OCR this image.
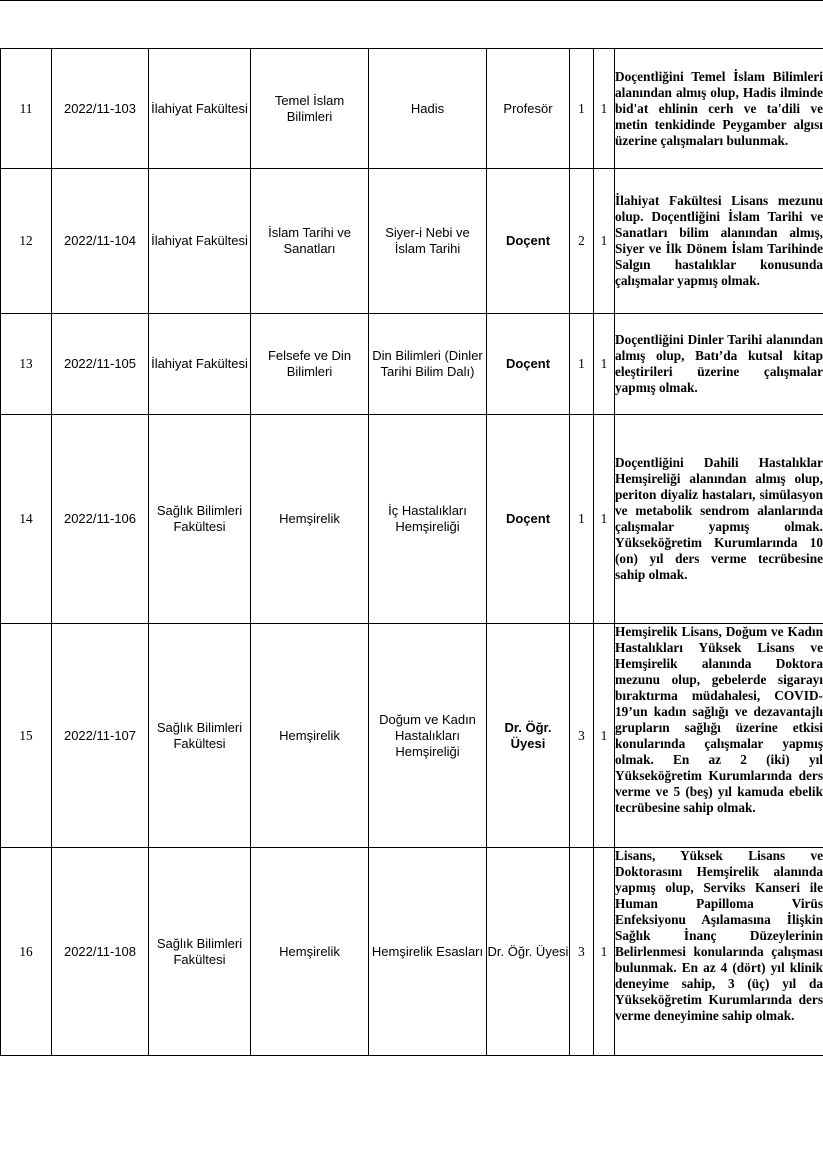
11	2022/11-103	İlahiyat Fakültesi	Temel İslam Bilimleri	Hadis	Profesör	1	1	Doçentliğini Temel İslam Bilimleri alanından almış olup, Hadis ilminde bid'at ehlinin cerh ve ta'dili ve metin tenkidinde Peygamber algısı üzerine çalışmaları bulunmak.
12	2022/11-104	İlahiyat Fakültesi	İslam Tarihi ve Sanatları	Siyer-i Nebi ve İslam Tarihi	Doçent	2	1	İlahiyat Fakültesi Lisans mezunu olup. Doçentliğini İslam Tarihi ve Sanatları bilim alanından almış, Siyer ve İlk Dönem İslam Tarihinde Salgın hastalıklar konusunda çalışmalar yapmış olmak.
13	2022/11-105	İlahiyat Fakültesi	Felsefe ve Din Bilimleri	Din Bilimleri (Dinler Tarihi Bilim Dalı)	Doçent	1	1	Doçentliğini Dinler Tarihi alanından almış olup, Batı’da kutsal kitap eleştirileri üzerine çalışmalar yapmış olmak.
14	2022/11-106	Sağlık Bilimleri Fakültesi	Hemşirelik	İç Hastalıkları Hemşireliği	Doçent	1	1	Doçentliğini Dahili Hastalıklar Hemşireliği alanından almış olup, periton diyaliz hastaları, simülasyon ve metabolik sendrom alanlarında çalışmalar yapmış olmak. Yükseköğretim Kurumlarında 10 (on) yıl ders verme tecrübesine sahip olmak.
15	2022/11-107	Sağlık Bilimleri Fakültesi	Hemşirelik	Doğum ve Kadın Hastalıkları Hemşireliği	Dr. Öğr. Üyesi	3	1	Hemşirelik Lisans, Doğum ve Kadın Hastalıkları Yüksek Lisans ve Hemşirelik alanında Doktora mezunu olup, gebelerde sigarayı bıraktırma müdahalesi, COVID-19’un kadın sağlığı ve dezavantajlı grupların sağlığı üzerine etkisi konularında çalışmalar yapmış olmak. En az 2 (iki) yıl Yükseköğretim Kurumlarında ders verme ve 5 (beş) yıl kamuda ebelik tecrübesine sahip olmak.
16	2022/11-108	Sağlık Bilimleri Fakültesi	Hemşirelik	Hemşirelik Esasları	Dr. Öğr. Üyesi	3	1	Lisans, Yüksek Lisans ve Doktorasını Hemşirelik alanında yapmış olup, Serviks Kanseri ile Human Papilloma Virüs Enfeksiyonu Aşılamasına İlişkin Sağlık İnanç Düzeylerinin Belirlenmesi konularında çalışması bulunmak. En az 4 (dört) yıl klinik deneyime sahip, 3 (üç) yıl da Yükseköğretim Kurumlarında ders verme deneyimine sahip olmak.
